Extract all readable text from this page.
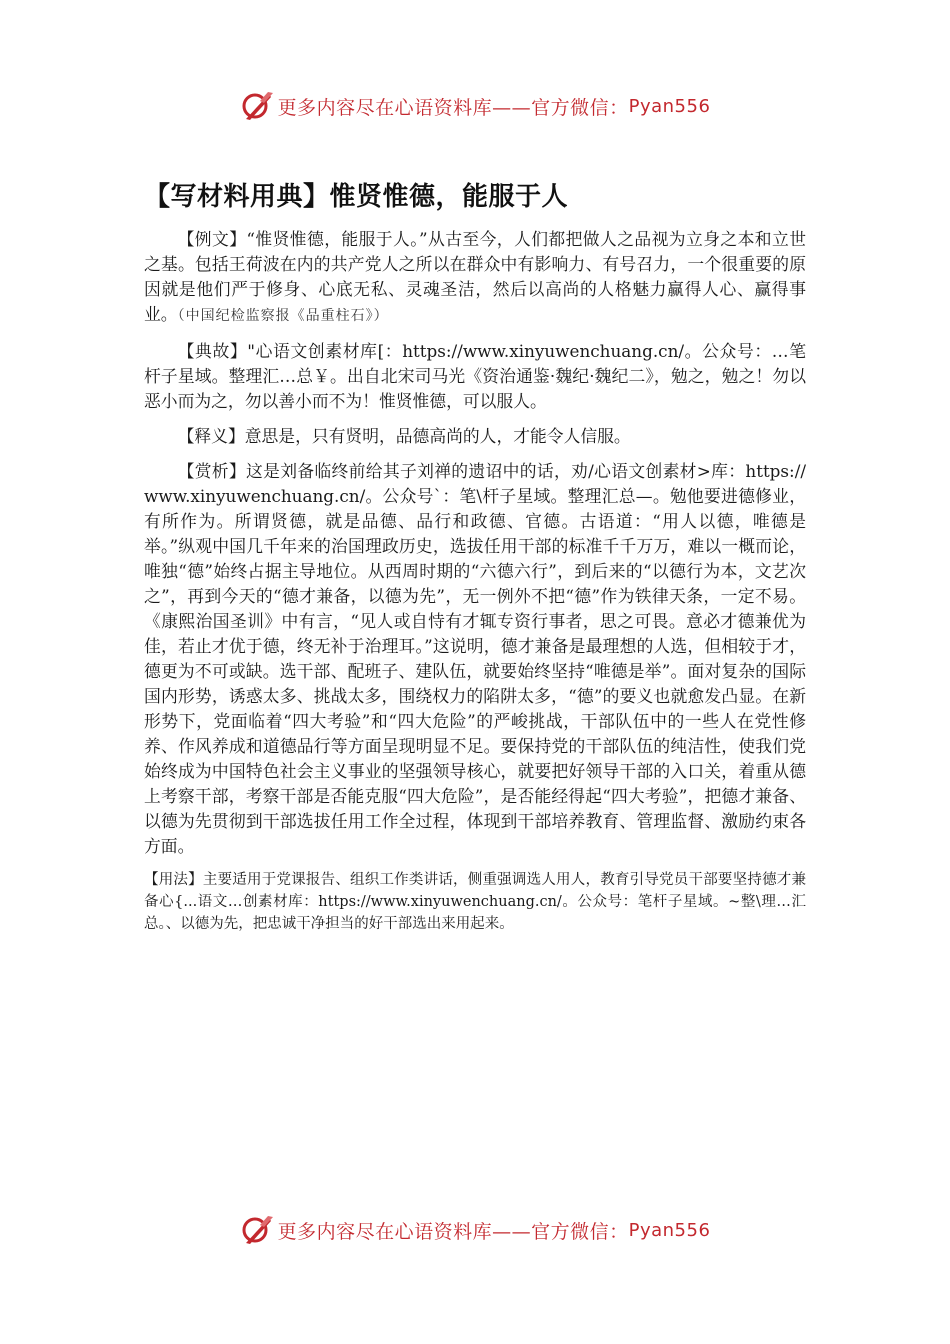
更多内容尽在心语资料库——官方微信： Pyan556
【写材料用典】惟贤惟德，能服于人

【例文】“惟贤惟德，能服于人。”从古至今，人们都把做人之品视为立身之本和立世之基。包括王荷波在内的共产党人之所以在群众中有影响力、有号召力，一个很重要的原因就是他们严于修身、心底无私、灵魂圣洁，然后以高尚的人格魅力赢得人心、赢得事业。（中国纪检监察报《品重柱石》）

【典故】"心语文创素材库[：https://www.xinyuwenchuang.cn/。公众号：…笔杆子星域。整理汇…总￥。出自北宋司马光《资治通鉴·魏纪·魏纪二》，勉之，勉之！勿以恶小而为之，勿以善小而不为！惟贤惟德，可以服人。

【释义】意思是，只有贤明，品德高尚的人，才能令人信服。

【赏析】这是刘备临终前给其子刘禅的遗诏中的话，劝/心语文创素材>库：https://www.xinyuwenchuang.cn/。公众号`：笔\杆子星域。整理汇总—。勉他要进德修业，有所作为。所谓贤德，就是品德、品行和政德、官德。古语道：“用人以德，唯德是举。”纵观中国几千年来的治国理政历史，选拔任用干部的标准千千万万，难以一概而论，唯独“德”始终占据主导地位。从西周时期的“六德六行”，到后来的“以德行为本，文艺次之”，再到今天的“德才兼备，以德为先”，无一例外不把“德”作为铁律天条，一定不易。《康熙治国圣训》中有言，“见人或自恃有才辄专资行事者，思之可畏。意必才德兼优为佳，若止才优于德，终无补于治理耳。”这说明，德才兼备是最理想的人选，但相较于才，德更为不可或缺。选干部、配班子、建队伍，就要始终坚持“唯德是举”。面对复杂的国际国内形势，诱惑太多、挑战太多，围绕权力的陷阱太多，“德”的要义也就愈发凸显。在新形势下，党面临着“四大考验”和“四大危险”的严峻挑战，干部队伍中的一些人在党性修养、作风养成和道德品行等方面呈现明显不足。要保持党的干部队伍的纯洁性，使我们党始终成为中国特色社会主义事业的坚强领导核心，就要把好领导干部的入口关，着重从德上考察干部，考察干部是否能克服“四大危险”，是否能经得起“四大考验”，把德才兼备、以德为先贯彻到干部选拔任用工作全过程，体现到干部培养教育、管理监督、激励约束各方面。

【用法】主要适用于党课报告、组织工作类讲话，侧重强调选人用人，教育引导党员干部要坚持德才兼备心{...语文…创素材库：https://www.xinyuwenchuang.cn/。公众号：笔杆子星域。~整\理…汇总。、以德为先，把忠诚干净担当的好干部选出来用起来。

更多内容尽在心语资料库——官方微信： Pyan556
